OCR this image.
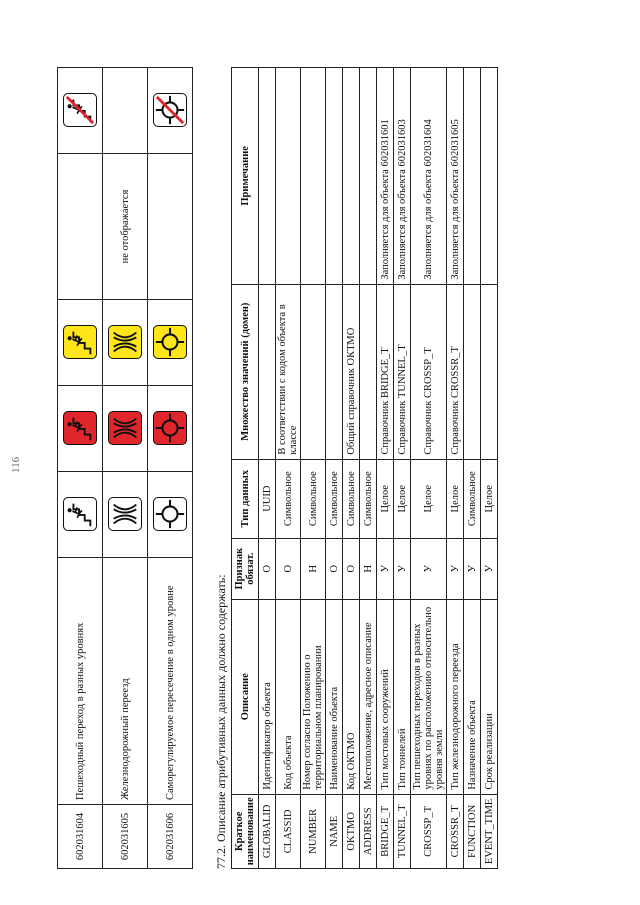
116
602031604	Пешеходный переход в разных уровнях	

602031605	Железнодорожный переезд				не отображается	
602031606	Саморегулируемое пересечение в одном уровне	

			77.2. Описание атрибутивных данных должно содержать: Краткое наименование	Описание	Признак обязат.	Тип данных	Множество значений (домен)	Примечание
GLOBALID	Идентификатор объекта	O	UUID		
CLASSID	Код объекта	O	Символьное	В соответствии с кодом объекта в классе	
NUMBER	Номер согласно Положению о территориальном планировании	Н	Символьное		
NAME	Наименование объекта	O	Символьное		
OKTMO	Код ОКТМО	O	Символьное	Общий справочник ОКТМО	
ADDRESS	Местоположение, адресное описание	Н	Символьное		
BRIDGE_T	Тип мостовых сооружений	У	Целое	Справочник BRIDGE_T	Заполняется для объекта 602031601
TUNNEL_T	Тип тоннелей	У	Целое	Справочник TUNNEL_T	Заполняется для объекта 602031603
CROSSP_T	Тип пешеходных переходов в разных уровнях по расположению относительно уровня земли	У	Целое	Справочник CROSSP_T	Заполняется для объекта 602031604
CROSSR_T	Тип железнодорожного переезда	У	Целое	Справочник CROSSR_T	Заполняется для объекта 602031605
FUNCTION	Назначение объекта	У	Символьное		
EVENT_TIME	Срок реализации	У	Целое		
